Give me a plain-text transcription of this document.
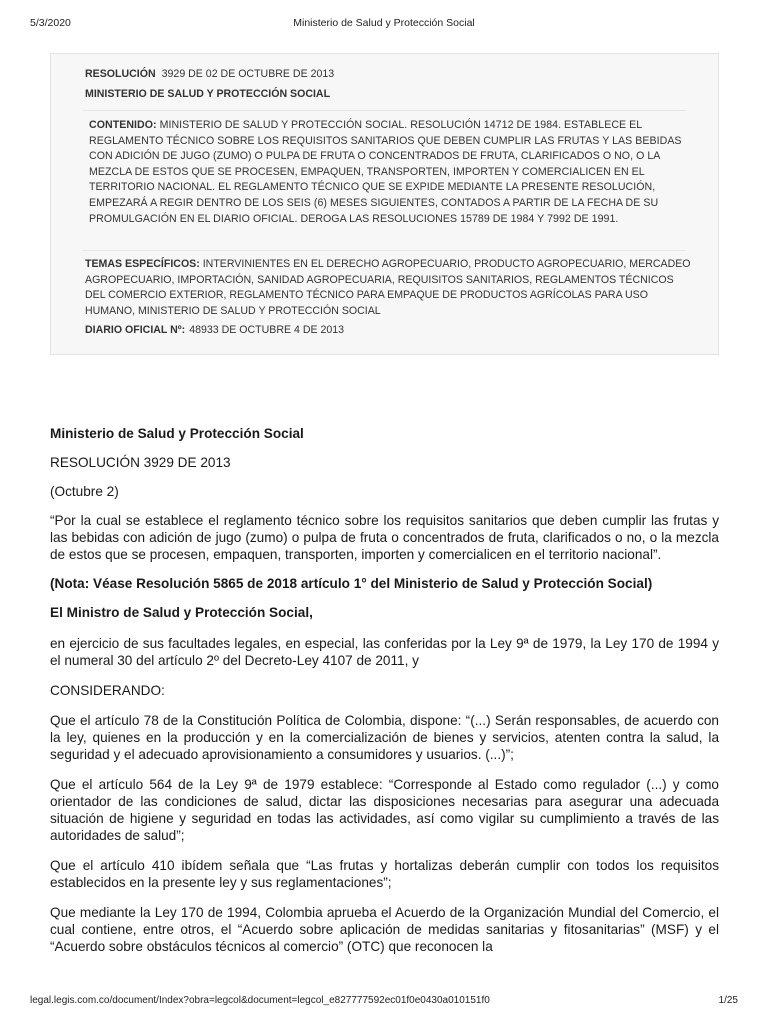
5/3/2020	Ministerio de Salud y Protección Social
RESOLUCIÓN 3929 DE 02 DE OCTUBRE DE 2013
MINISTERIO DE SALUD Y PROTECCIÓN SOCIAL
CONTENIDO: MINISTERIO DE SALUD Y PROTECCIÓN SOCIAL. RESOLUCIÓN 14712 DE 1984. ESTABLECE EL REGLAMENTO TÉCNICO SOBRE LOS REQUISITOS SANITARIOS QUE DEBEN CUMPLIR LAS FRUTAS Y LAS BEBIDAS CON ADICIÓN DE JUGO (ZUMO) O PULPA DE FRUTA O CONCENTRADOS DE FRUTA, CLARIFICADOS O NO, O LA MEZCLA DE ESTOS QUE SE PROCESEN, EMPAQUEN, TRANSPORTEN, IMPORTEN Y COMERCIALICEN EN EL TERRITORIO NACIONAL. EL REGLAMENTO TÉCNICO QUE SE EXPIDE MEDIANTE LA PRESENTE RESOLUCIÓN, EMPEZARÁ A REGIR DENTRO DE LOS SEIS (6) MESES SIGUIENTES, CONTADOS A PARTIR DE LA FECHA DE SU PROMULGACIÓN EN EL DIARIO OFICIAL. DEROGA LAS RESOLUCIONES 15789 DE 1984 Y 7992 DE 1991.
TEMAS ESPECÍFICOS: INTERVINIENTES EN EL DERECHO AGROPECUARIO, PRODUCTO AGROPECUARIO, MERCADEO AGROPECUARIO, IMPORTACIÓN, SANIDAD AGROPECUARIA, REQUISITOS SANITARIOS, REGLAMENTOS TÉCNICOS DEL COMERCIO EXTERIOR, REGLAMENTO TÉCNICO PARA EMPAQUE DE PRODUCTOS AGRÍCOLAS PARA USO HUMANO, MINISTERIO DE SALUD Y PROTECCIÓN SOCIAL
DIARIO OFICIAL Nº: 48933 DE OCTUBRE 4 DE 2013

Ministerio de Salud y Protección Social

RESOLUCIÓN 3929 DE 2013

(Octubre 2)

“Por la cual se establece el reglamento técnico sobre los requisitos sanitarios que deben cumplir las frutas y las bebidas con adición de jugo (zumo) o pulpa de fruta o concentrados de fruta, clarificados o no, o la mezcla de estos que se procesen, empaquen, transporten, importen y comercialicen en el territorio nacional”.

(Nota: Véase Resolución 5865 de 2018 artículo 1° del Ministerio de Salud y Protección Social)

El Ministro de Salud y Protección Social,

en ejercicio de sus facultades legales, en especial, las conferidas por la Ley 9ª de 1979, la Ley 170 de 1994 y el numeral 30 del artículo 2º del Decreto-Ley 4107 de 2011, y

CONSIDERANDO:

Que el artículo 78 de la Constitución Política de Colombia, dispone: “(...) Serán responsables, de acuerdo con la ley, quienes en la producción y en la comercialización de bienes y servicios, atenten contra la salud, la seguridad y el adecuado aprovisionamiento a consumidores y usuarios. (...)”;

Que el artículo 564 de la Ley 9ª de 1979 establece: “Corresponde al Estado como regulador (...) y como orientador de las condiciones de salud, dictar las disposiciones necesarias para asegurar una adecuada situación de higiene y seguridad en todas las actividades, así como vigilar su cumplimiento a través de las autoridades de salud”;

Que el artículo 410 ibídem señala que “Las frutas y hortalizas deberán cumplir con todos los requisitos establecidos en la presente ley y sus reglamentaciones”;

Que mediante la Ley 170 de 1994, Colombia aprueba el Acuerdo de la Organización Mundial del Comercio, el cual contiene, entre otros, el “Acuerdo sobre aplicación de medidas sanitarias y fitosanitarias” (MSF) y el “Acuerdo sobre obstáculos técnicos al comercio” (OTC) que reconocen la

legal.legis.com.co/document/Index?obra=legcol&document=legcol_e827777592ec01f0e0430a010151f0	1/25
